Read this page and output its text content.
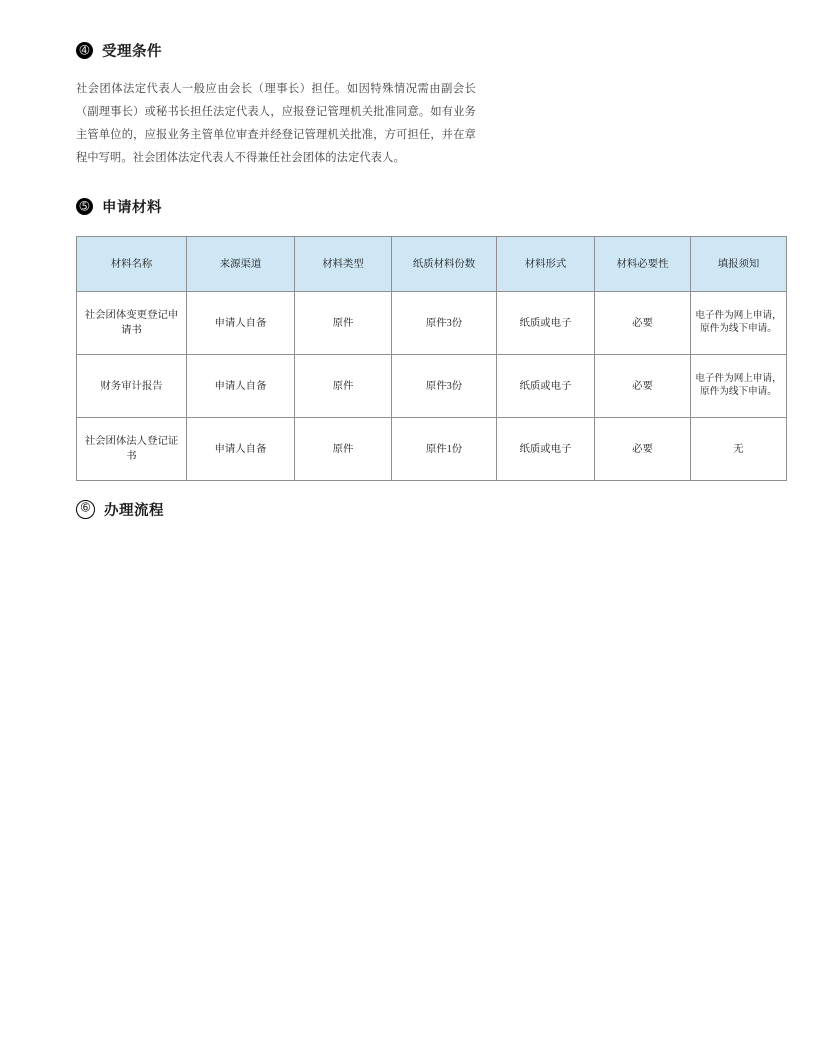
➃ 受理条件
社会团体法定代表人一般应由会长（理事长）担任。如因特殊情况需由副会长（副理事长）或秘书长担任法定代表人，应报登记管理机关批准同意。如有业务主管单位的，应报业务主管单位审查并经登记管理机关批准，方可担任，并在章程中写明。社会团体法定代表人不得兼任社会团体的法定代表人。
➄ 申请材料
材料名称	来源渠道	材料类型	纸质材料份数	材料形式	材料必要性	填报须知
社会团体变更登记申请书	申请人自备	原件	原件3份	纸质或电子	必要	电子件为网上申请，原件为线下申请。
财务审计报告	申请人自备	原件	原件3份	纸质或电子	必要	电子件为网上申请，原件为线下申请。
社会团体法人登记证书	申请人自备	原件	原件1份	纸质或电子	必要	无
➅ 办理流程
